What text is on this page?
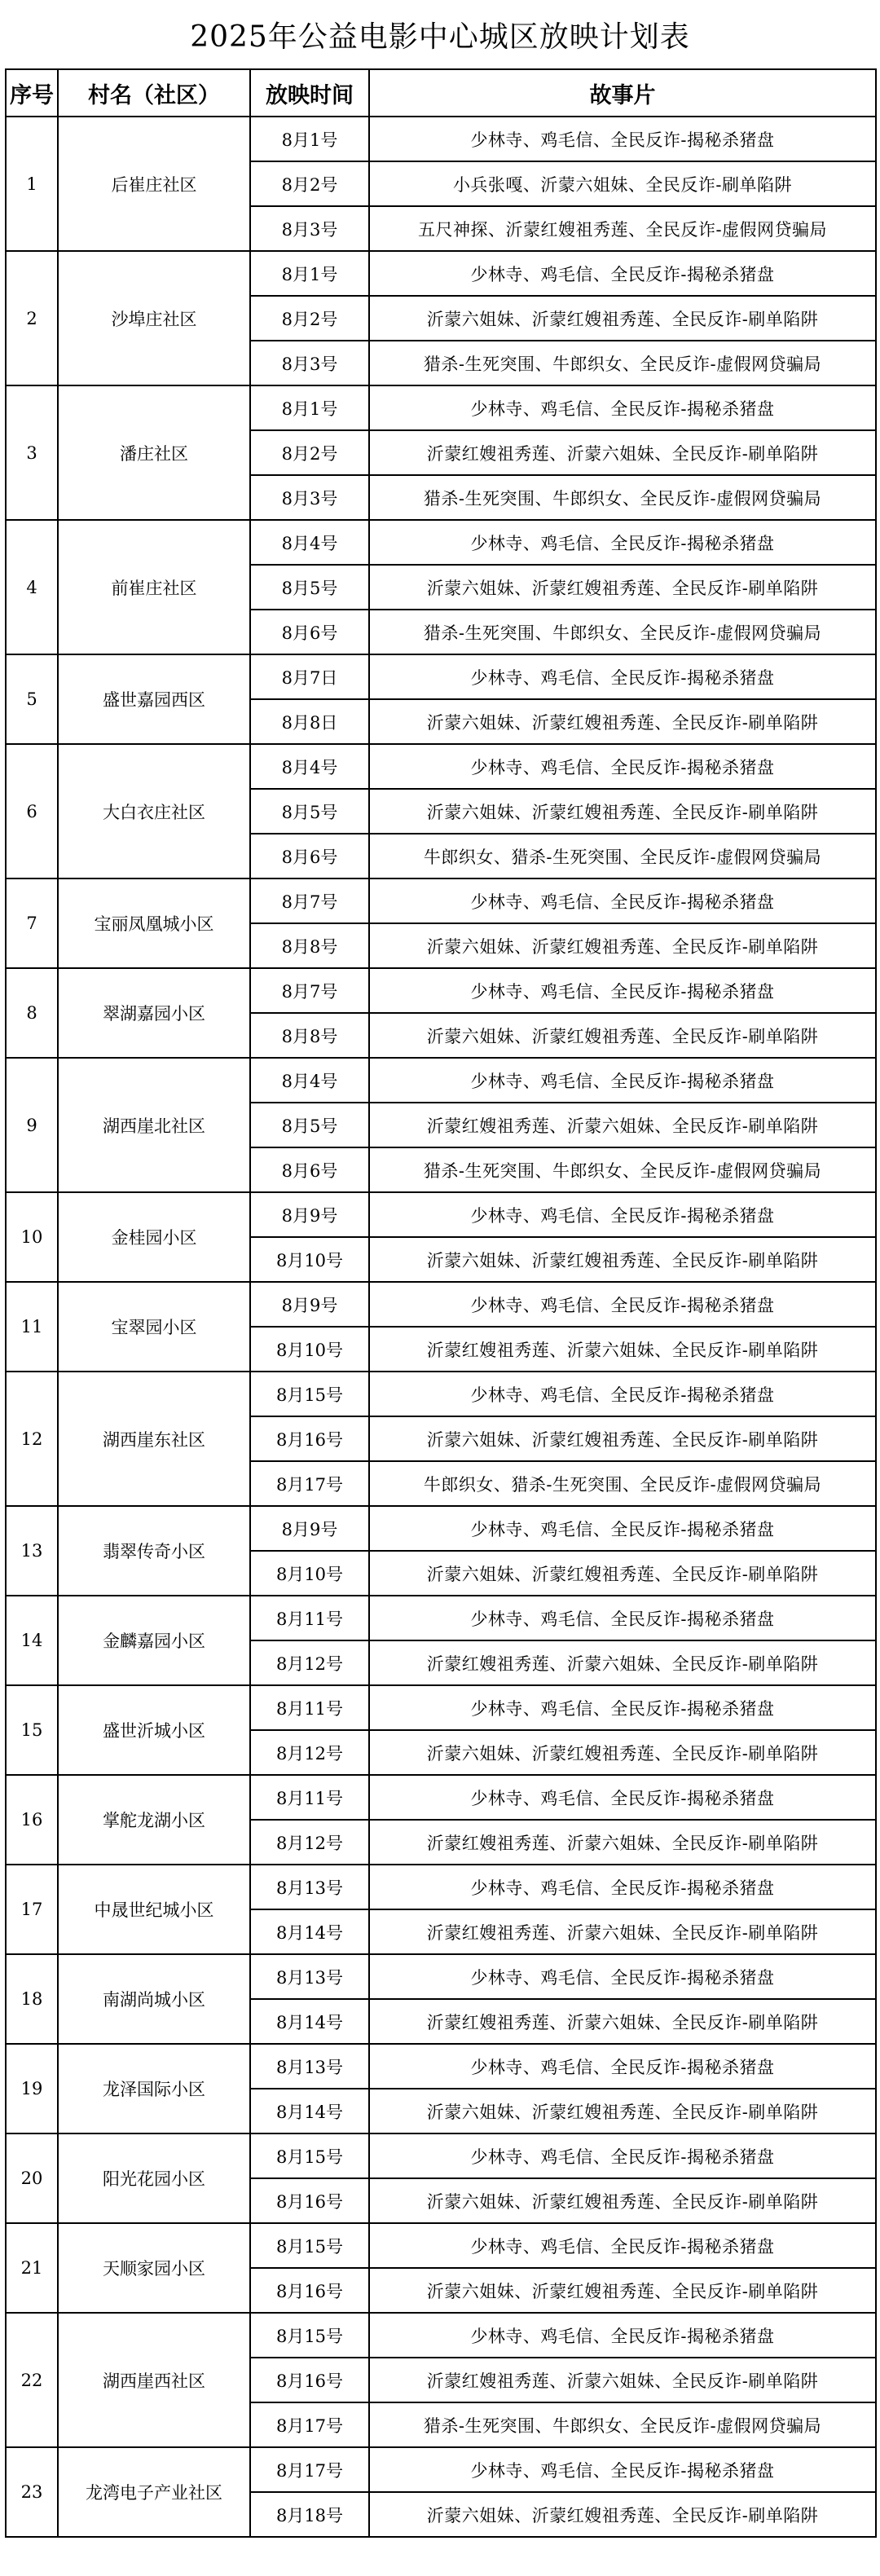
2025年公益电影中心城区放映计划表
序号	村名（社区）	放映时间	故事片
1	后崔庄社区	8月1号	少林寺、鸡毛信、全民反诈-揭秘杀猪盘
		8月2号	小兵张嘎、沂蒙六姐妹、全民反诈-刷单陷阱
		8月3号	五尺神探、沂蒙红嫂祖秀莲、全民反诈-虚假网贷骗局
2	沙埠庄社区	8月1号	少林寺、鸡毛信、全民反诈-揭秘杀猪盘
		8月2号	沂蒙六姐妹、沂蒙红嫂祖秀莲、全民反诈-刷单陷阱
		8月3号	猎杀-生死突围、牛郎织女、全民反诈-虚假网贷骗局
3	潘庄社区	8月1号	少林寺、鸡毛信、全民反诈-揭秘杀猪盘
		8月2号	沂蒙红嫂祖秀莲、沂蒙六姐妹、全民反诈-刷单陷阱
		8月3号	猎杀-生死突围、牛郎织女、全民反诈-虚假网贷骗局
4	前崔庄社区	8月4号	少林寺、鸡毛信、全民反诈-揭秘杀猪盘
		8月5号	沂蒙六姐妹、沂蒙红嫂祖秀莲、全民反诈-刷单陷阱
		8月6号	猎杀-生死突围、牛郎织女、全民反诈-虚假网贷骗局
5	盛世嘉园西区	8月7日	少林寺、鸡毛信、全民反诈-揭秘杀猪盘
		8月8日	沂蒙六姐妹、沂蒙红嫂祖秀莲、全民反诈-刷单陷阱
6	大白衣庄社区	8月4号	少林寺、鸡毛信、全民反诈-揭秘杀猪盘
		8月5号	沂蒙六姐妹、沂蒙红嫂祖秀莲、全民反诈-刷单陷阱
		8月6号	牛郎织女、猎杀-生死突围、全民反诈-虚假网贷骗局
7	宝丽凤凰城小区	8月7号	少林寺、鸡毛信、全民反诈-揭秘杀猪盘
		8月8号	沂蒙六姐妹、沂蒙红嫂祖秀莲、全民反诈-刷单陷阱
8	翠湖嘉园小区	8月7号	少林寺、鸡毛信、全民反诈-揭秘杀猪盘
		8月8号	沂蒙六姐妹、沂蒙红嫂祖秀莲、全民反诈-刷单陷阱
9	湖西崖北社区	8月4号	少林寺、鸡毛信、全民反诈-揭秘杀猪盘
		8月5号	沂蒙红嫂祖秀莲、沂蒙六姐妹、全民反诈-刷单陷阱
		8月6号	猎杀-生死突围、牛郎织女、全民反诈-虚假网贷骗局
10	金桂园小区	8月9号	少林寺、鸡毛信、全民反诈-揭秘杀猪盘
		8月10号	沂蒙六姐妹、沂蒙红嫂祖秀莲、全民反诈-刷单陷阱
11	宝翠园小区	8月9号	少林寺、鸡毛信、全民反诈-揭秘杀猪盘
		8月10号	沂蒙红嫂祖秀莲、沂蒙六姐妹、全民反诈-刷单陷阱
12	湖西崖东社区	8月15号	少林寺、鸡毛信、全民反诈-揭秘杀猪盘
		8月16号	沂蒙六姐妹、沂蒙红嫂祖秀莲、全民反诈-刷单陷阱
		8月17号	牛郎织女、猎杀-生死突围、全民反诈-虚假网贷骗局
13	翡翠传奇小区	8月9号	少林寺、鸡毛信、全民反诈-揭秘杀猪盘
		8月10号	沂蒙六姐妹、沂蒙红嫂祖秀莲、全民反诈-刷单陷阱
14	金麟嘉园小区	8月11号	少林寺、鸡毛信、全民反诈-揭秘杀猪盘
		8月12号	沂蒙红嫂祖秀莲、沂蒙六姐妹、全民反诈-刷单陷阱
15	盛世沂城小区	8月11号	少林寺、鸡毛信、全民反诈-揭秘杀猪盘
		8月12号	沂蒙六姐妹、沂蒙红嫂祖秀莲、全民反诈-刷单陷阱
16	掌舵龙湖小区	8月11号	少林寺、鸡毛信、全民反诈-揭秘杀猪盘
		8月12号	沂蒙红嫂祖秀莲、沂蒙六姐妹、全民反诈-刷单陷阱
17	中晟世纪城小区	8月13号	少林寺、鸡毛信、全民反诈-揭秘杀猪盘
		8月14号	沂蒙红嫂祖秀莲、沂蒙六姐妹、全民反诈-刷单陷阱
18	南湖尚城小区	8月13号	少林寺、鸡毛信、全民反诈-揭秘杀猪盘
		8月14号	沂蒙红嫂祖秀莲、沂蒙六姐妹、全民反诈-刷单陷阱
19	龙泽国际小区	8月13号	少林寺、鸡毛信、全民反诈-揭秘杀猪盘
		8月14号	沂蒙六姐妹、沂蒙红嫂祖秀莲、全民反诈-刷单陷阱
20	阳光花园小区	8月15号	少林寺、鸡毛信、全民反诈-揭秘杀猪盘
		8月16号	沂蒙六姐妹、沂蒙红嫂祖秀莲、全民反诈-刷单陷阱
21	天顺家园小区	8月15号	少林寺、鸡毛信、全民反诈-揭秘杀猪盘
		8月16号	沂蒙六姐妹、沂蒙红嫂祖秀莲、全民反诈-刷单陷阱
22	湖西崖西社区	8月15号	少林寺、鸡毛信、全民反诈-揭秘杀猪盘
		8月16号	沂蒙红嫂祖秀莲、沂蒙六姐妹、全民反诈-刷单陷阱
		8月17号	猎杀-生死突围、牛郎织女、全民反诈-虚假网贷骗局
23	龙湾电子产业社区	8月17号	少林寺、鸡毛信、全民反诈-揭秘杀猪盘
		8月18号	沂蒙六姐妹、沂蒙红嫂祖秀莲、全民反诈-刷单陷阱
